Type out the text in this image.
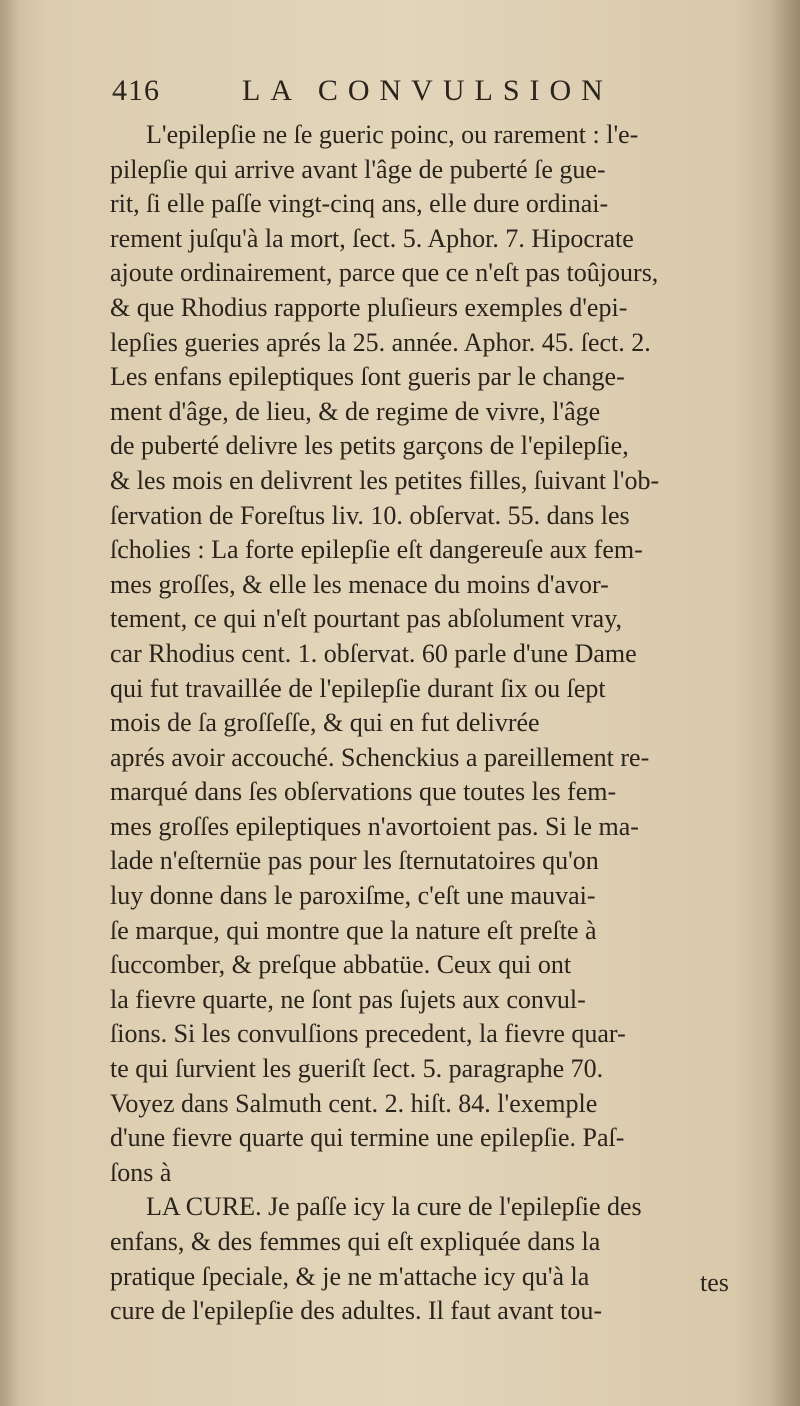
416	LA CONVULSION
L'epilepſie ne ſe gueric poinc, ou rarement : l'e-
pilepſie qui arrive avant l'âge de puberté ſe gue-
rit, ſi elle paſſe vingt-cinq ans, elle dure ordinai-
rement juſqu'à la mort, ſect. 5. Aphor. 7. Hipocrate
ajoute ordinairement, parce que ce n'eſt pas toûjours,
& que Rhodius rapporte pluſieurs exemples d'epi-
lepſies gueries aprés la 25. année. Aphor. 45. ſect. 2.
Les enfans epileptiques ſont gueris par le change-
ment d'âge, de lieu, & de regime de vivre, l'âge
de puberté delivre les petits garçons de l'epilepſie,
& les mois en delivrent les petites filles, ſuivant l'ob-
ſervation de Foreſtus liv. 10. obſervat. 55. dans les
ſcholies : La forte epilepſie eſt dangereuſe aux fem-
mes groſſes, & elle les menace du moins d'avor-
tement, ce qui n'eſt pourtant pas abſolument vray,
car Rhodius cent. 1. obſervat. 60 parle d'une Dame
qui fut travaillée de l'epilepſie durant ſix ou ſept
mois de ſa groſſeſſe, & qui en fut delivrée
aprés avoir accouché. Schenckius a pareillement re-
marqué dans ſes obſervations que toutes les fem-
mes groſſes epileptiques n'avortoient pas. Si le ma-
lade n'eſternüe pas pour les ſternutatoires qu'on
luy donne dans le paroxiſme, c'eſt une mauvai-
ſe marque, qui montre que la nature eſt preſte à
ſuccomber, & preſque abbatüe. Ceux qui ont
la fievre quarte, ne ſont pas ſujets aux convul-
ſions. Si les convulſions precedent, la fievre quar-
te qui ſurvient les gueriſt ſect. 5. paragraphe 70.
Voyez dans Salmuth cent. 2. hiſt. 84. l'exemple
d'une fievre quarte qui termine une epilepſie. Paſ-
ſons à
LA CURE. Je paſſe icy la cure de l'epilepſie des
enfans, & des femmes qui eſt expliquée dans la
pratique ſpeciale, & je ne m'attache icy qu'à la
cure de l'epilepſie des adultes. Il faut avant tou-
tes
